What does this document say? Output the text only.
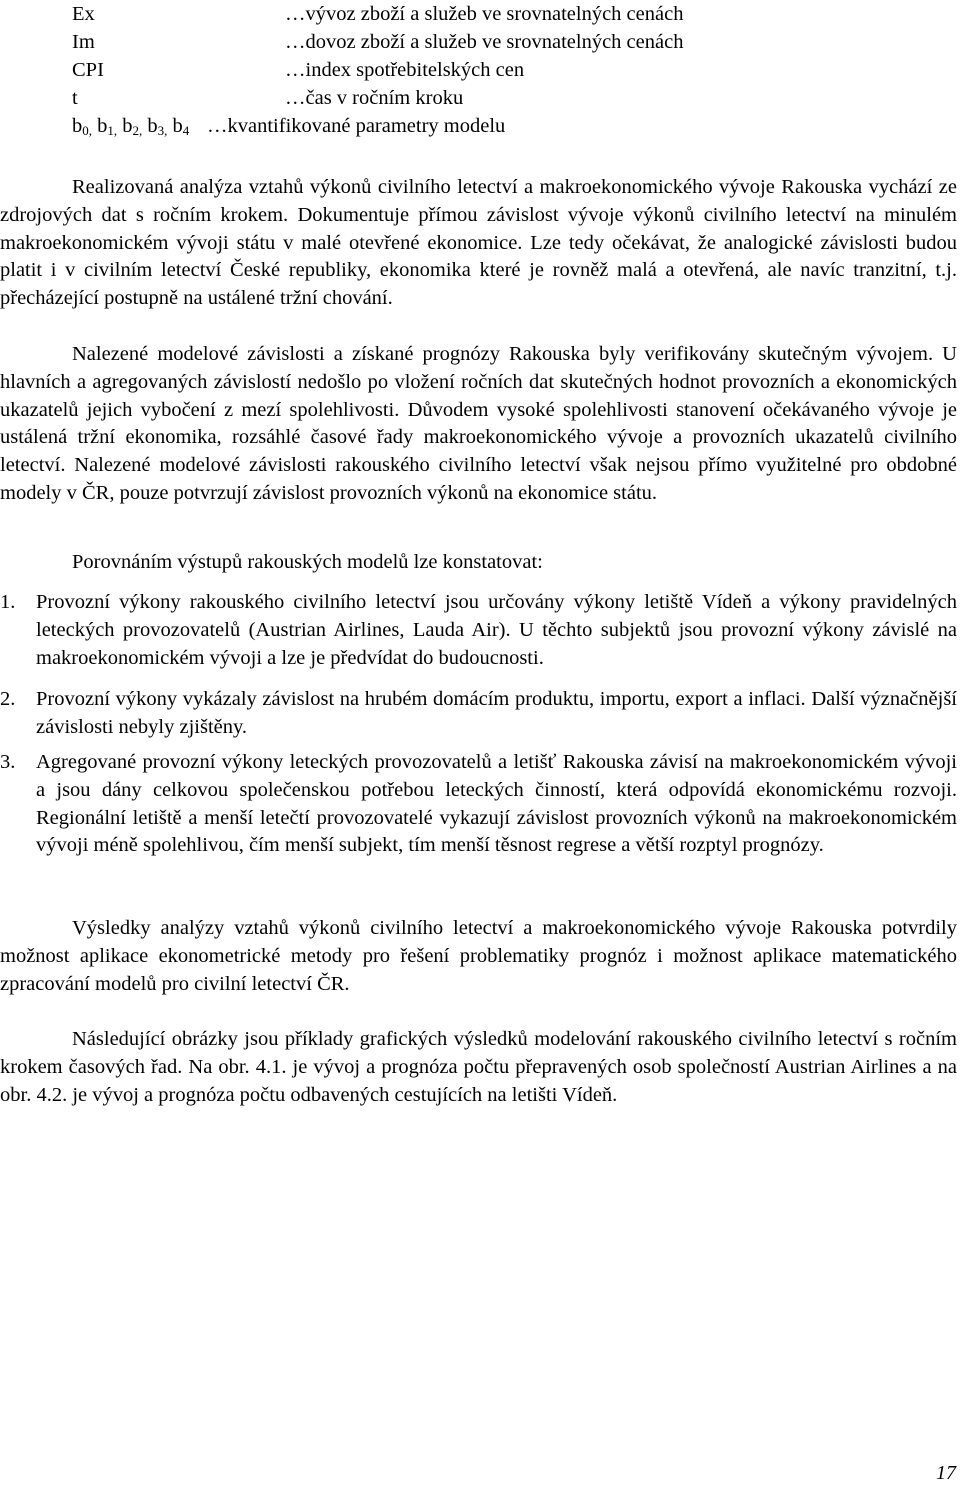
Ex	…vývoz zboží a služeb ve srovnatelných cenách
Im	…dovoz zboží a služeb ve srovnatelných cenách
CPI	…index spotřebitelských cen
t	…čas v ročním kroku
$b_{0,}$ $b_{1,}$ $b_{2,}$ $b_{3,}$ $b_4$ …kvantifikované parametry modelu

Realizovaná analýza vztahů výkonů civilního letectví a makroekonomického vývoje Rakouska vychází ze zdrojových dat s ročním krokem. Dokumentuje přímou závislost vývoje výkonů civilního letectví na minulém makroekonomickém vývoji státu v malé otevřené ekonomice. Lze tedy očekávat, že analogické závislosti budou platit i v civilním letectví České republiky, ekonomika které je rovněž malá a otevřená, ale navíc tranzitní, t.j. přecházející postupně na ustálené tržní chování.

Nalezené modelové závislosti a získané prognózy Rakouska byly verifikovány skutečným vývojem. U hlavních a agregovaných závislostí nedošlo po vložení ročních dat skutečných hodnot provozních a ekonomických ukazatelů jejich vybočení z mezí spolehlivosti. Důvodem vysoké spolehlivosti stanovení očekávaného vývoje je ustálená tržní ekonomika, rozsáhlé časové řady makroekonomického vývoje a provozních ukazatelů civilního letectví. Nalezené modelové závislosti rakouského civilního letectví však nejsou přímo využitelné pro obdobné modely v ČR, pouze potvrzují závislost provozních výkonů na ekonomice státu.

Porovnáním výstupů rakouských modelů lze konstatovat:

1. Provozní výkony rakouského civilního letectví jsou určovány výkony letiště Vídeň a výkony pravidelných leteckých provozovatelů (Austrian Airlines, Lauda Air). U těchto subjektů jsou provozní výkony závislé na makroekonomickém vývoji a lze je předvídat do budoucnosti.

2. Provozní výkony vykázaly závislost na hrubém domácím produktu, importu, export a inflaci. Další význačnější závislosti nebyly zjištěny.

3. Agregované provozní výkony leteckých provozovatelů a letišť Rakouska závisí na makroekonomickém vývoji a jsou dány celkovou společenskou potřebou leteckých činností, která odpovídá ekonomickému rozvoji. Regionální letiště a menší letečtí provozovatelé vykazují závislost provozních výkonů na makroekonomickém vývoji méně spolehlivou, čím menší subjekt, tím menší těsnost regrese a větší rozptyl prognózy.

Výsledky analýzy vztahů výkonů civilního letectví a makroekonomického vývoje Rakouska potvrdily možnost aplikace ekonometrické metody pro řešení problematiky prognóz i možnost aplikace matematického zpracování modelů pro civilní letectví ČR.

Následující obrázky jsou příklady grafických výsledků modelování rakouského civilního letectví s ročním krokem časových řad. Na obr. 4.1. je vývoj a prognóza počtu přepravených osob společností Austrian Airlines a na obr. 4.2. je vývoj a prognóza počtu odbavených cestujících na letišti Vídeň.

17
